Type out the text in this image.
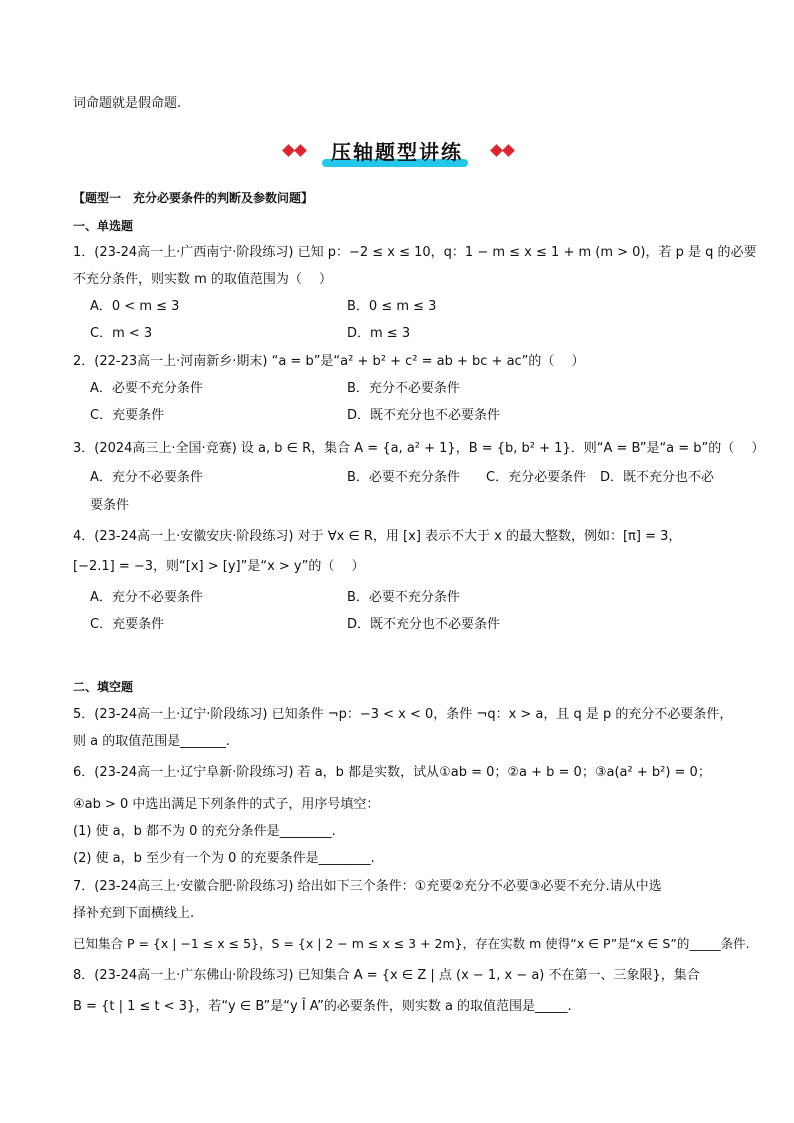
词命题就是假命题.
压轴题型讲练
【题型一　充分必要条件的判断及参数问题】
一、单选题
1．(23-24高一上·广西南宁·阶段练习) 已知 p：−2 ≤ x ≤ 10，q：1 − m ≤ x ≤ 1 + m (m > 0)，若 p 是 q 的必要
不充分条件，则实数 m 的取值范围为（　 ）
A．0 < m ≤ 3	B．0 ≤ m ≤ 3
C．m < 3	D．m ≤ 3
2．(22-23高一上·河南新乡·期末) “a = b”是“a² + b² + c² = ab + bc + ac”的（　 ）
A．必要不充分条件	B．充分不必要条件
C．充要条件	D．既不充分也不必要条件
3．(2024高三上·全国·竞赛) 设 a, b ∈ R，集合 A = {a, a² + 1}，B = {b, b² + 1}．则“A = B”是“a = b”的（　 ）
A．充分不必要条件	B．必要不充分条件 C．充分必要条件 D．既不充分也不必
要条件
4．(23-24高一上·安徽安庆·阶段练习) 对于 ∀x ∈ R，用 [x] 表示不大于 x 的最大整数，例如：[π] = 3，
[−2.1] = −3，则“[x] > [y]”是“x > y”的（　 ）
A．充分不必要条件	B．必要不充分条件
C．充要条件	D．既不充分也不必要条件
二、填空题
5．(23-24高一上·辽宁·阶段练习) 已知条件 ¬p：−3 < x < 0，条件 ¬q：x > a，且 q 是 p 的充分不必要条件，
则 a 的取值范围是_______.
6．(23-24高一上·辽宁阜新·阶段练习) 若 a，b 都是实数，试从①ab = 0；②a + b = 0；③a(a² + b²) = 0；
④ab > 0 中选出满足下列条件的式子，用序号填空：
(1) 使 a，b 都不为 0 的充分条件是________.
(2) 使 a，b 至少有一个为 0 的充要条件是________.
7．(23-24高三上·安徽合肥·阶段练习) 给出如下三个条件：①充要②充分不必要③必要不充分.请从中选
择补充到下面横线上.
已知集合 P = {x | −1 ≤ x ≤ 5}，S = {x | 2 − m ≤ x ≤ 3 + 2m}，存在实数 m 使得“x ∈ P”是“x ∈ S”的_____条件.
8．(23-24高一上·广东佛山·阶段练习) 已知集合 A = {x ∈ Z | 点 (x − 1, x − a) 不在第一、三象限}，集合
B = {t | 1 ≤ t < 3}，若“y ∈ B”是“y Î A”的必要条件，则实数 a 的取值范围是_____.
